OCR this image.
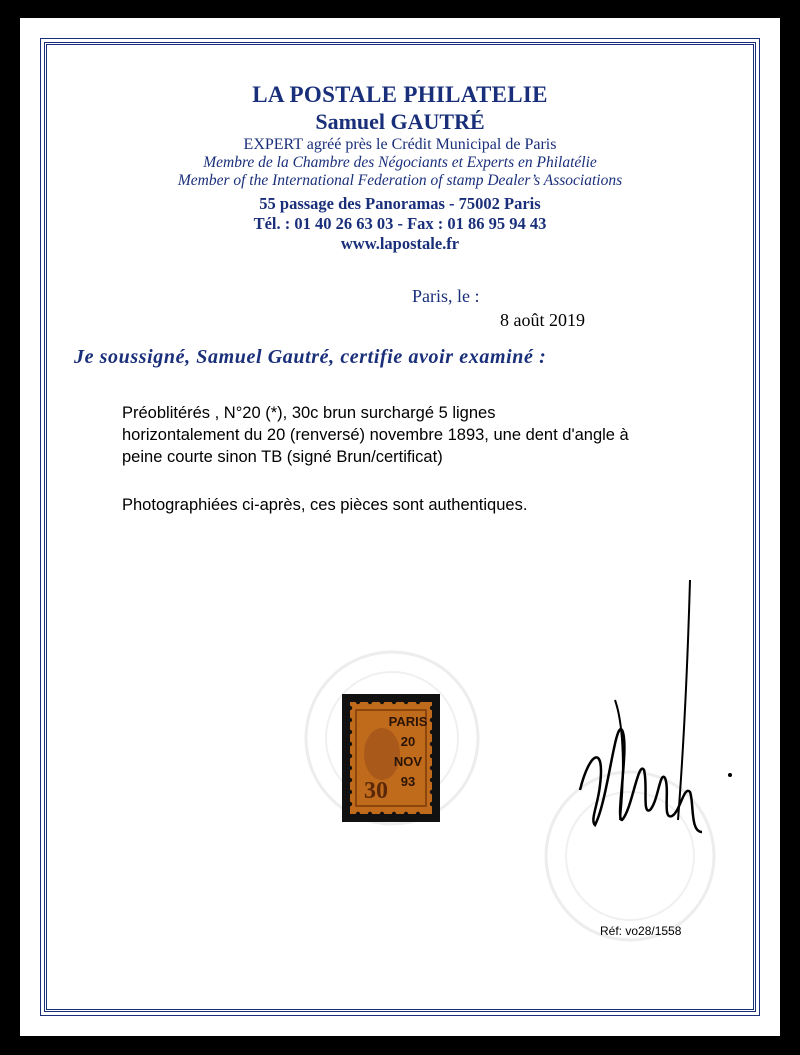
LA POSTALE PHILATELIE
Samuel GAUTRÉ
EXPERT agréé près le Crédit Municipal de Paris
Membre de la Chambre des Négociants et Experts en Philatélie
Member of the International Federation of stamp Dealer’s Associations
55 passage des Panoramas - 75002 Paris
Tél. : 01 40 26 63 03 - Fax : 01 86 95 94 43
www.lapostale.fr
Paris, le :
8 août 2019
Je soussigné, Samuel Gautré, certifie avoir examiné :
Préoblitérés , N°20 (*), 30c brun surchargé 5 lignes
horizontalement du 20 (renversé) novembre 1893, une dent d'angle à
peine courte sinon TB (signé Brun/certificat)
Photographiées ci-après, ces pièces sont authentiques.
30
PARIS
20
NOV
93
Réf: vo28/1558
